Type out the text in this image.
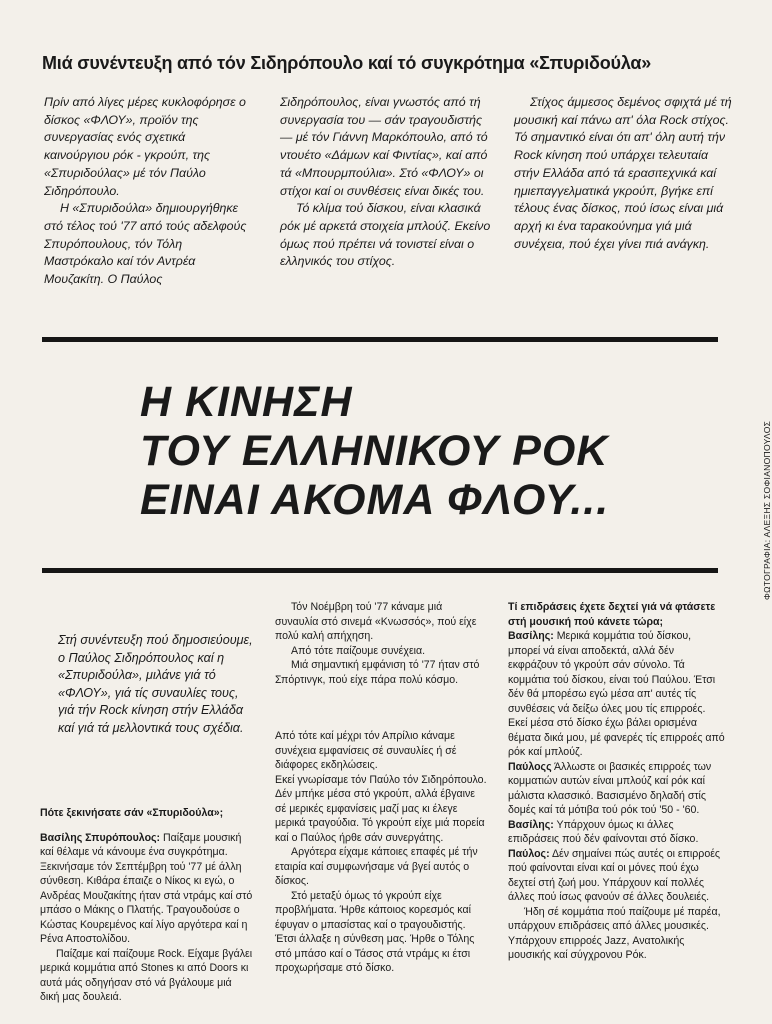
Μιά συνέντευξη από τόν Σιδηρόπουλο καί τό συγκρότημα «Σπυριδούλα»

Πρίν από λίγες μέρες κυκλοφόρησε ο δίσκος «ΦΛΟΥ», προϊόν της συνεργασίας ενός σχετικά καινούργιου ρόκ - γκρούπ, της «Σπυριδούλας» μέ τόν Παύλο Σιδηρόπουλο.

Η «Σπυριδούλα» δημιουργήθηκε στό τέλος τού '77 από τούς αδελφούς Σπυρόπουλους, τόν Τόλη Μαστρόκαλο καί τόν Αντρέα Μουζακίτη. Ο Παύλος

Σιδηρόπουλος, είναι γνωστός από τή συνεργασία του — σάν τραγουδιστής — μέ τόν Γιάννη Μαρκόπουλο, από τό ντουέτο «Δάμων καί Φιντίας», καί από τά «Μπουρμπούλια». Στό «ΦΛΟΥ» οι στίχοι καί οι συνθέσεις είναι δικές του.

Τό κλίμα τού δίσκου, είναι κλασικά ρόκ μέ αρκετά στοιχεία μπλούζ. Εκείνο όμως πού πρέπει νά τονιστεί είναι ο ελληνικός του στίχος.

Στίχος άμμεσος δεμένος σφιχτά μέ τή μουσική καί πάνω απ' όλα Rock στίχος.

Τό σημαντικό είναι ότι απ' όλη αυτή τήν Rock κίνηση πού υπάρχει τελευταία στήν Ελλάδα από τά ερασιτεχνικά καί ημιεπαγγελματικά γκρούπ, βγήκε επί τέλους ένας δίσκος, πού ίσως είναι μιά αρχή κι ένα ταρακούνημα γιά μιά συνέχεια, πού έχει γίνει πιά ανάγκη.

Η ΚΙΝΗΣΗ
ΤΟΥ ΕΛΛΗΝΙΚΟΥ ΡΟΚ
ΕΙΝΑΙ ΑΚΟΜΑ ΦΛΟΥ...	ΦΩΤΟΓΡΑΦΙΑ: ΑΛΕΞΗΣ ΣΟΦΙΑΝΟΠΟΥΛΟΣ
Στή συνέντευξη πού δημοσιεύουμε, ο Παύλος Σιδηρόπουλος καί η «Σπυριδούλα», μιλάνε γιά τό «ΦΛΟΥ», γιά τίς συναυλίες τους, γιά τήν Rock κίνηση στήν Ελλάδα καί γιά τά μελλοντικά τους σχέδια.

Πότε ξεκινήσατε σάν «Σπυριδούλα»;

Βασίλης Σπυρόπουλος: Παίξαμε μουσική καί θέλαμε νά κάνουμε ένα συγκρότημα. Ξεκινήσαμε τόν Σεπτέμβρη τού '77 μέ άλλη σύνθεση. Κιθάρα έπαιζε ο Νίκος κι εγώ, ο Ανδρέας Μουζακίτης ήταν στά ντράμς καί στό μπάσο ο Μάκης ο Πλατής. Τραγουδούσε ο Κώστας Κουρεμένος καί λίγο αργότερα καί η Ρένα Αποστολίδου.

Παίζαμε καί παίζουμε Rock. Είχαμε βγάλει μερικά κομμάτια από Stones κι από Doors κι αυτά μάς οδηγήσαν στό νά βγάλουμε μιά δική μας δουλειά.

Τόν Νοέμβρη τού '77 κάναμε μιά συναυλία στό σινεμά «Κνωσσός», πού είχε πολύ καλή απήχηση.

Από τότε παίζουμε συνέχεια.

Μιά σημαντική εμφάνιση τό '77 ήταν στό Σπόρτινγκ, πού είχε πάρα πολύ κόσμο.

Από τότε καί μέχρι τόν Απρίλιο κάναμε συνέχεια εμφανίσεις σέ συναυλίες ή σέ διάφορες εκδηλώσεις.

Εκεί γνωρίσαμε τόν Παύλο τόν Σιδηρόπουλο. Δέν μπήκε μέσα στό γκρούπ, αλλά έβγαινε σέ μερικές εμφανίσεις μαζί μας κι έλεγε μερικά τραγούδια. Τό γκρούπ είχε μιά πορεία καί ο Παύλος ήρθε σάν συνεργάτης.

Αργότερα είχαμε κάποιες επαφές μέ τήν εταιρία καί συμφωνήσαμε νά βγεί αυτός ο δίσκος.

Στό μεταξύ όμως τό γκρούπ είχε προβλήματα. Ήρθε κάποιος κορεσμός καί έφυγαν ο μπασίστας καί ο τραγουδιστής.

Έτσι άλλαξε η σύνθεση μας. Ήρθε ο Τόλης στό μπάσο καί ο Τάσος στά ντράμς κι έτσι προχωρήσαμε στό δίσκο.

Τί επιδράσεις έχετε δεχτεί γιά νά φτάσετε στή μουσική πού κάνετε τώρα;

Βασίλης: Μερικά κομμάτια τού δίσκου, μπορεί νά είναι αποδεκτά, αλλά δέν εκφράζουν τό γκρούπ σάν σύνολο. Τά κομμάτια τού δίσκου, είναι τού Παύλου. Έτσι δέν θά μπορέσω εγώ μέσα απ' αυτές τίς συνθέσεις νά δείξω όλες μου τίς επιρροές. Εκεί μέσα στό δίσκο έχω βάλει ορισμένα θέματα δικά μου, μέ φανερές τίς επιρροές από ρόκ καί μπλούζ.

Παύλοςς Άλλωστε οι βασικές επιρροές των κομματιών αυτών είναι μπλούζ καί ρόκ καί μάλιστα κλασσικό. Βασισμένο δηλαδή στίς δομές καί τά μότιβα τού ρόκ τού '50 - '60.

Βασίλης: Υπάρχουν όμως κι άλλες επιδράσεις πού δέν φαίνονται στό δίσκο.

Παύλος: Δέν σημαίνει πώς αυτές οι επιρροές πού φαίνονται είναι καί οι μόνες πού έχω δεχτεί στή ζωή μου. Υπάρχουν καί πολλές άλλες πού ίσως φανούν σέ άλλες δουλειές.

Ήδη σέ κομμάτια πού παίζουμε μέ παρέα, υπάρχουν επιδράσεις από άλλες μουσικές. Υπάρχουν επιρροές Jazz, Ανατολικής μουσικής καί σύγχρονου Ρόκ.
